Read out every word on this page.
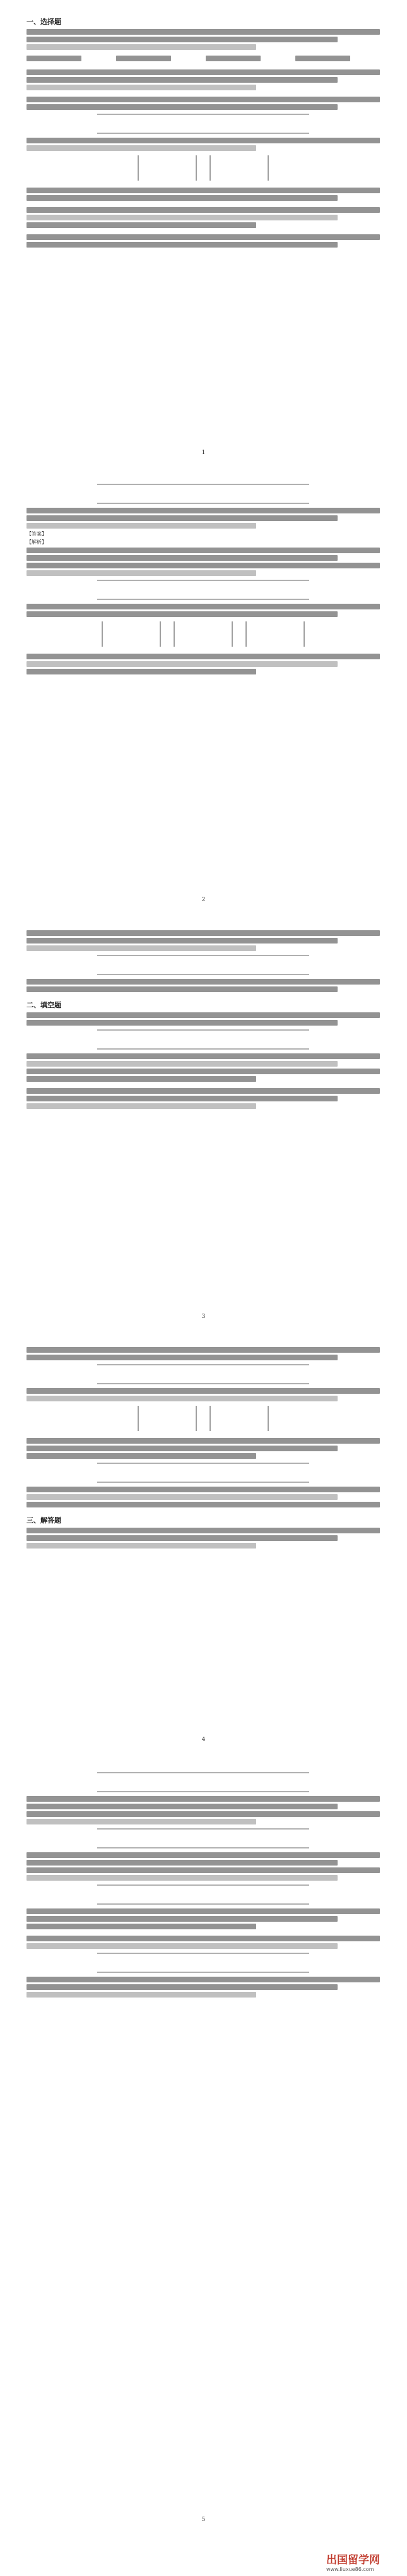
一、选择题
1
【答案】
【解析】
2
二、填空题
3
三、解答题
4
5
出国留学网
www.liuxue86.com
